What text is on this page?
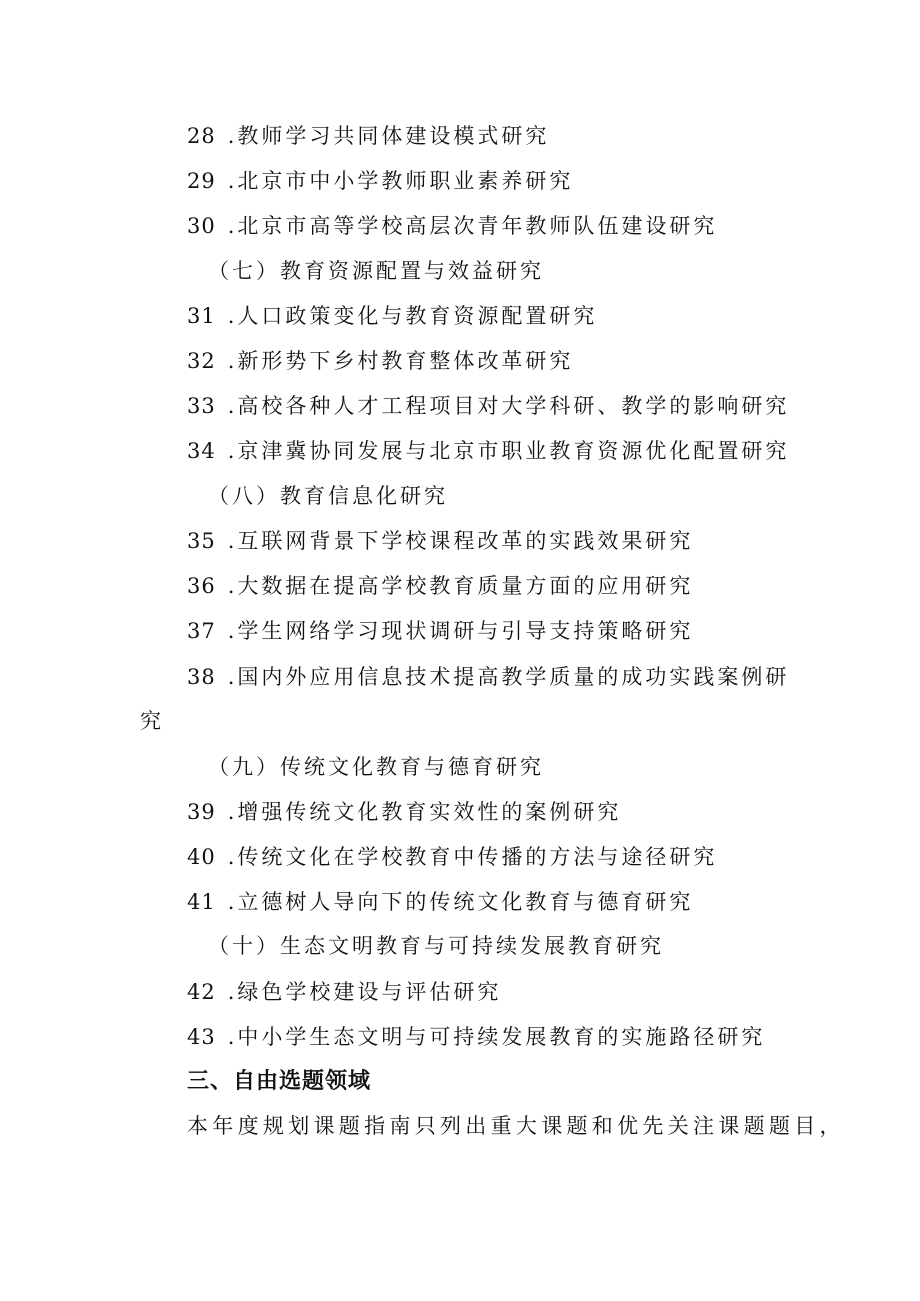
28 .教师学习共同体建设模式研究
29 .北京市中小学教师职业素养研究
30 .北京市高等学校高层次青年教师队伍建设研究
（七）教育资源配置与效益研究
31 .人口政策变化与教育资源配置研究
32 .新形势下乡村教育整体改革研究
33 .高校各种人才工程项目对大学科研、教学的影响研究
34 .京津冀协同发展与北京市职业教育资源优化配置研究
（八）教育信息化研究
35 .互联网背景下学校课程改革的实践效果研究
36 .大数据在提高学校教育质量方面的应用研究
37 .学生网络学习现状调研与引导支持策略研究
38 .国内外应用信息技术提高教学质量的成功实践案例研
究
（九）传统文化教育与德育研究
39 .增强传统文化教育实效性的案例研究
40 .传统文化在学校教育中传播的方法与途径研究
41 .立德树人导向下的传统文化教育与德育研究
（十）生态文明教育与可持续发展教育研究
42 .绿色学校建设与评估研究
43 .中小学生态文明与可持续发展教育的实施路径研究
三、自由选题领域
本年度规划课题指南只列出重大课题和优先关注课题题目，
